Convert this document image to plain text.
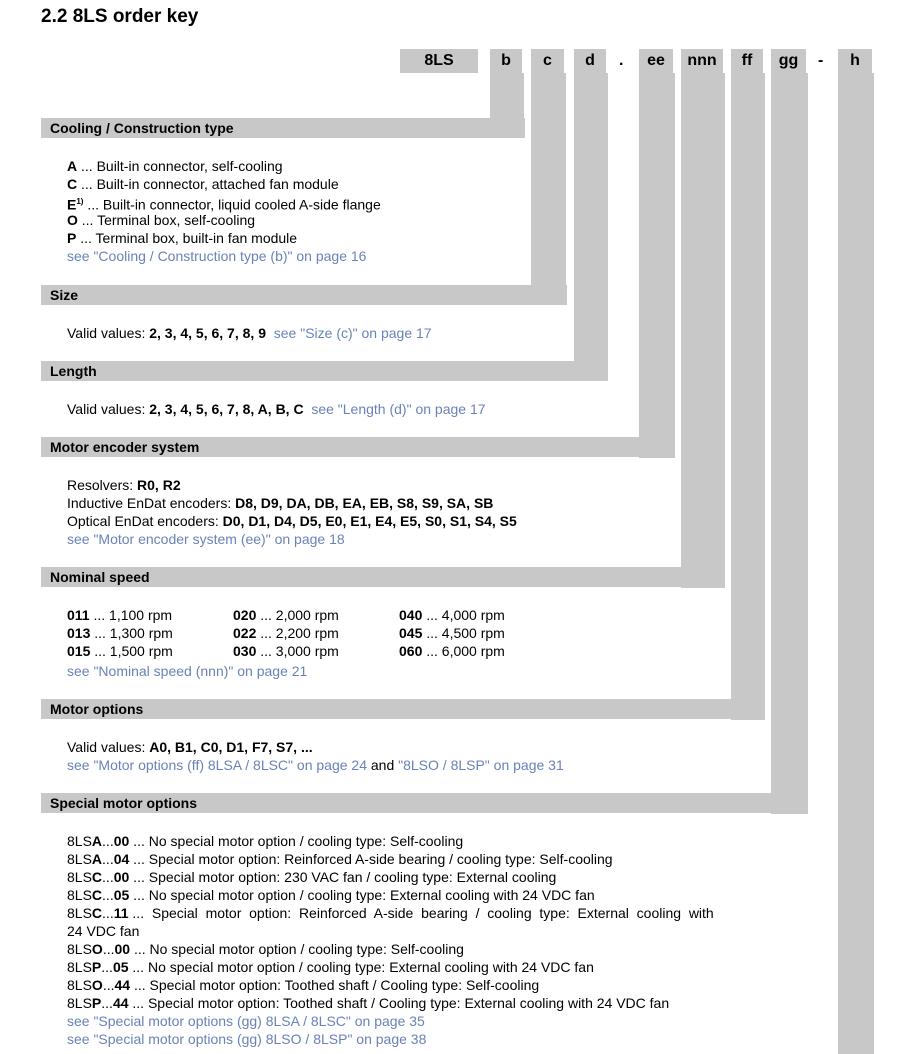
2.2 8LS order key
8LS	b	c	d	.	ee	nnn	ff	gg	-	h
Cooling / Construction type
A ... Built-in connector, self-cooling
C ... Built-in connector, attached fan module
$E^{1)}$ ... Built-in connector, liquid cooled A-side flange
O ... Terminal box, self-cooling
P ... Terminal box, built-in fan module
see "Cooling / Construction type (b)" on page 16
Size
Valid values: 2, 3, 4, 5, 6, 7, 8, 9 see "Size (c)" on page 17
Length
Valid values: 2, 3, 4, 5, 6, 7, 8, A, B, C see "Length (d)" on page 17
Motor encoder system
Resolvers: R0, R2
Inductive EnDat encoders: D8, D9, DA, DB, EA, EB, S8, S9, SA, SB
Optical EnDat encoders: D0, D1, D4, D5, E0, E1, E4, E5, S0, S1, S4, S5
see "Motor encoder system (ee)" on page 18
Nominal speed
011 ... 1,100 rpm	020 ... 2,000 rpm	040 ... 4,000 rpm
013 ... 1,300 rpm	022 ... 2,200 rpm	045 ... 4,500 rpm
015 ... 1,500 rpm	030 ... 3,000 rpm	060 ... 6,000 rpm
see "Nominal speed (nnn)" on page 21
Motor options
Valid values: A0, B1, C0, D1, F7, S7, ...
see "Motor options (ff) 8LSA / 8LSC" on page 24 and "8LSO / 8LSP" on page 31
Special motor options
8LSA...00 ... No special motor option / cooling type: Self-cooling
8LSA...04 ... Special motor option: Reinforced A-side bearing / cooling type: Self-cooling
8LSC...00 ... Special motor option: 230 VAC fan / cooling type: External cooling
8LSC...05 ... No special motor option / cooling type: External cooling with 24 VDC fan
8LSC...11 ...  Special  motor  option:  Reinforced  A-side  bearing  /  cooling  type:  External  cooling  with
24 VDC fan
8LSO...00 ... No special motor option / cooling type: Self-cooling
8LSP...05 ... No special motor option / cooling type: External cooling with 24 VDC fan
8LSO...44 ... Special motor option: Toothed shaft / Cooling type: Self-cooling
8LSP...44 ... Special motor option: Toothed shaft / Cooling type: External cooling with 24 VDC fan
see "Special motor options (gg) 8LSA / 8LSC" on page 35
see "Special motor options (gg) 8LSO / 8LSP" on page 38
